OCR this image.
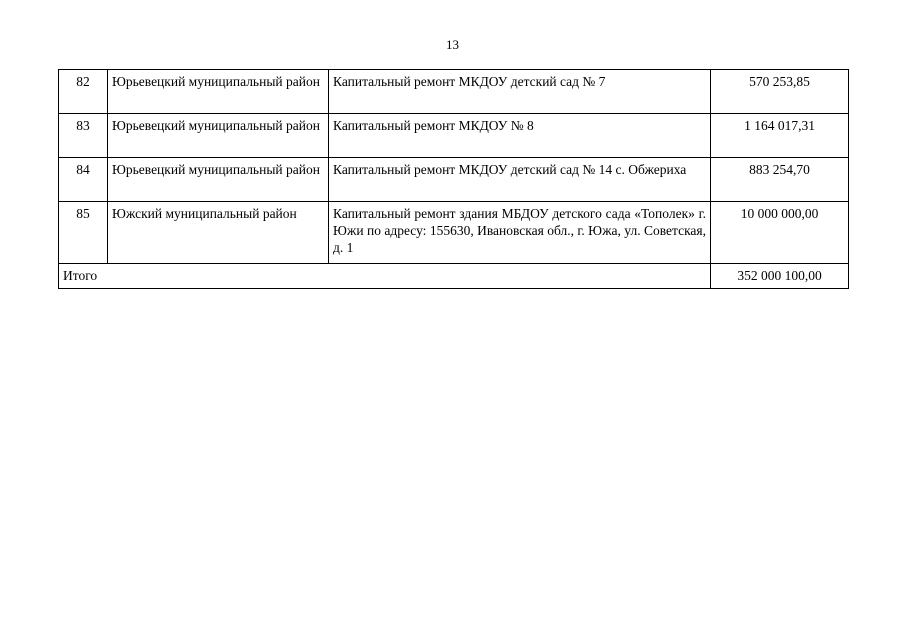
13
82	Юрьевецкий муниципальный район	Капитальный ремонт МКДОУ детский сад № 7	570 253,85
83	Юрьевецкий муниципальный район	Капитальный ремонт МКДОУ № 8	1 164 017,31
84	Юрьевецкий муниципальный район	Капитальный ремонт МКДОУ детский сад № 14 с. Обжериха	883 254,70
85	Южский муниципальный район	Капитальный ремонт здания МБДОУ детского сада «Тополек» г. Южи по адресу: 155630, Ивановская обл., г. Южа, ул. Советская, д. 1	10 000 000,00
Итого			352 000 100,00
